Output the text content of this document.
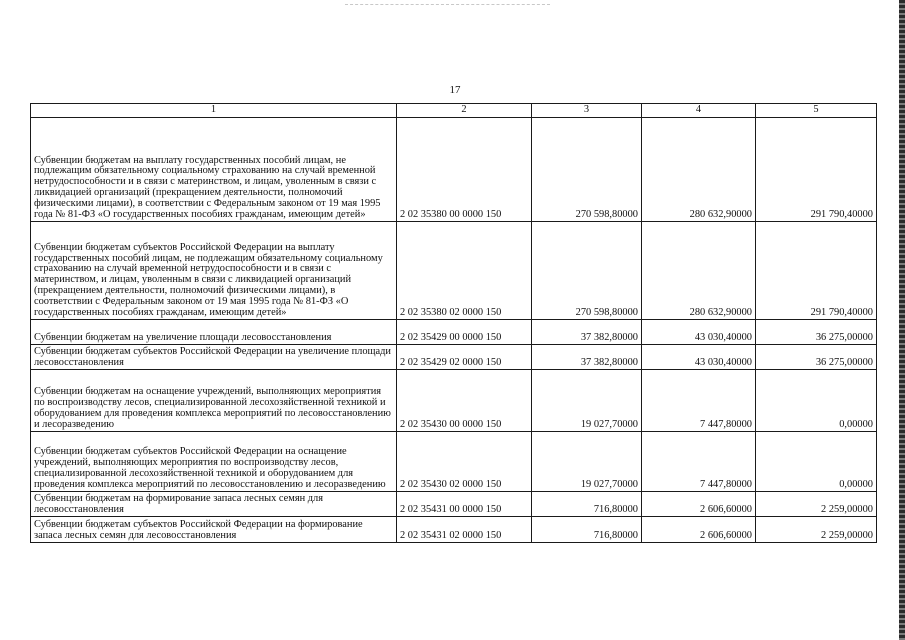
17
1	2	3	4	5
Субвенции бюджетам на выплату государственных пособий лицам, не подлежащим обязательному социальному страхованию на случай временной нетрудоспособности и в связи с материнством, и лицам, уволенным в связи с ликвидацией организаций (прекращением деятельности, полномочий физическими лицами), в соответствии с Федеральным законом от 19 мая 1995 года № 81-ФЗ «О государственных пособиях гражданам, имеющим детей»	2 02 35380 00 0000 150	270 598,80000	280 632,90000	291 790,40000
Субвенции бюджетам субъектов Российской Федерации на выплату государственных пособий лицам, не подлежащим обязательному социальному страхованию на случай временной нетрудоспособности и в связи с материнством, и лицам, уволенным в связи с ликвидацией организаций (прекращением деятельности, полномочий физическими лицами), в соответствии с Федеральным законом от 19 мая 1995 года № 81-ФЗ «О государственных пособиях гражданам, имеющим детей»	2 02 35380 02 0000 150	270 598,80000	280 632,90000	291 790,40000
Субвенции бюджетам на увеличение площади лесовосстановления	2 02 35429 00 0000 150	37 382,80000	43 030,40000	36 275,00000
Субвенции бюджетам субъектов Российской Федерации на увеличение площади лесовосстановления	2 02 35429 02 0000 150	37 382,80000	43 030,40000	36 275,00000
Субвенции бюджетам на оснащение учреждений, выполняющих мероприятия по воспроизводству лесов, специализированной лесохозяйственной техникой и оборудованием для проведения комплекса мероприятий по лесовосстановлению и лесоразведению	2 02 35430 00 0000 150	19 027,70000	7 447,80000	0,00000
Субвенции бюджетам субъектов Российской Федерации на оснащение учреждений, выполняющих мероприятия по воспроизводству лесов, специализированной лесохозяйственной техникой и оборудованием для проведения комплекса мероприятий по лесовосстановлению и лесоразведению	2 02 35430 02 0000 150	19 027,70000	7 447,80000	0,00000
Субвенции бюджетам на формирование запаса лесных семян для лесовосстановления	2 02 35431 00 0000 150	716,80000	2 606,60000	2 259,00000
Субвенции бюджетам субъектов Российской Федерации на формирование запаса лесных семян для лесовосстановления	2 02 35431 02 0000 150	716,80000	2 606,60000	2 259,00000
